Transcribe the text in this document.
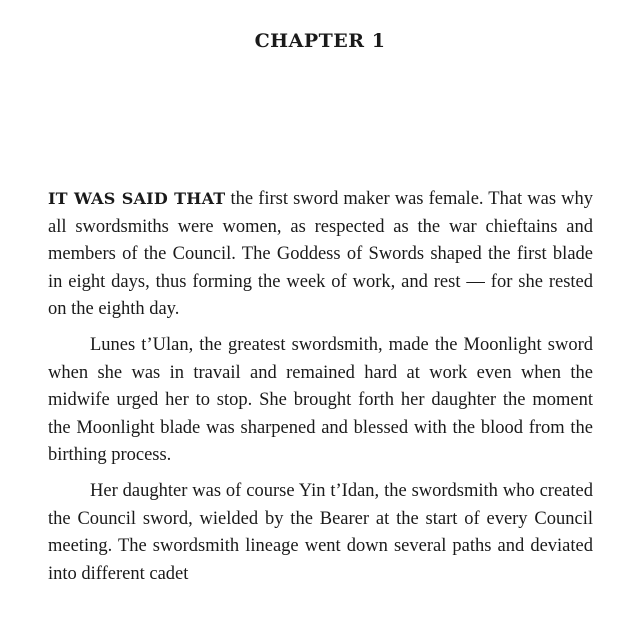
CHAPTER 1

IT WAS SAID THAT the first sword maker was female. That was why all swordsmiths were women, as respected as the war chieftains and members of the Council. The Goddess of Swords shaped the first blade in eight days, thus forming the week of work, and rest — for she rested on the eighth day.

Lunes t’Ulan, the greatest swordsmith, made the Moonlight sword when she was in travail and remained hard at work even when the midwife urged her to stop. She brought forth her daughter the moment the Moonlight blade was sharpened and blessed with the blood from the birthing process.

Her daughter was of course Yin t’Idan, the swordsmith who created the Council sword, wielded by the Bearer at the start of every Council meeting. The swordsmith lineage went down several paths and deviated into different cadet
